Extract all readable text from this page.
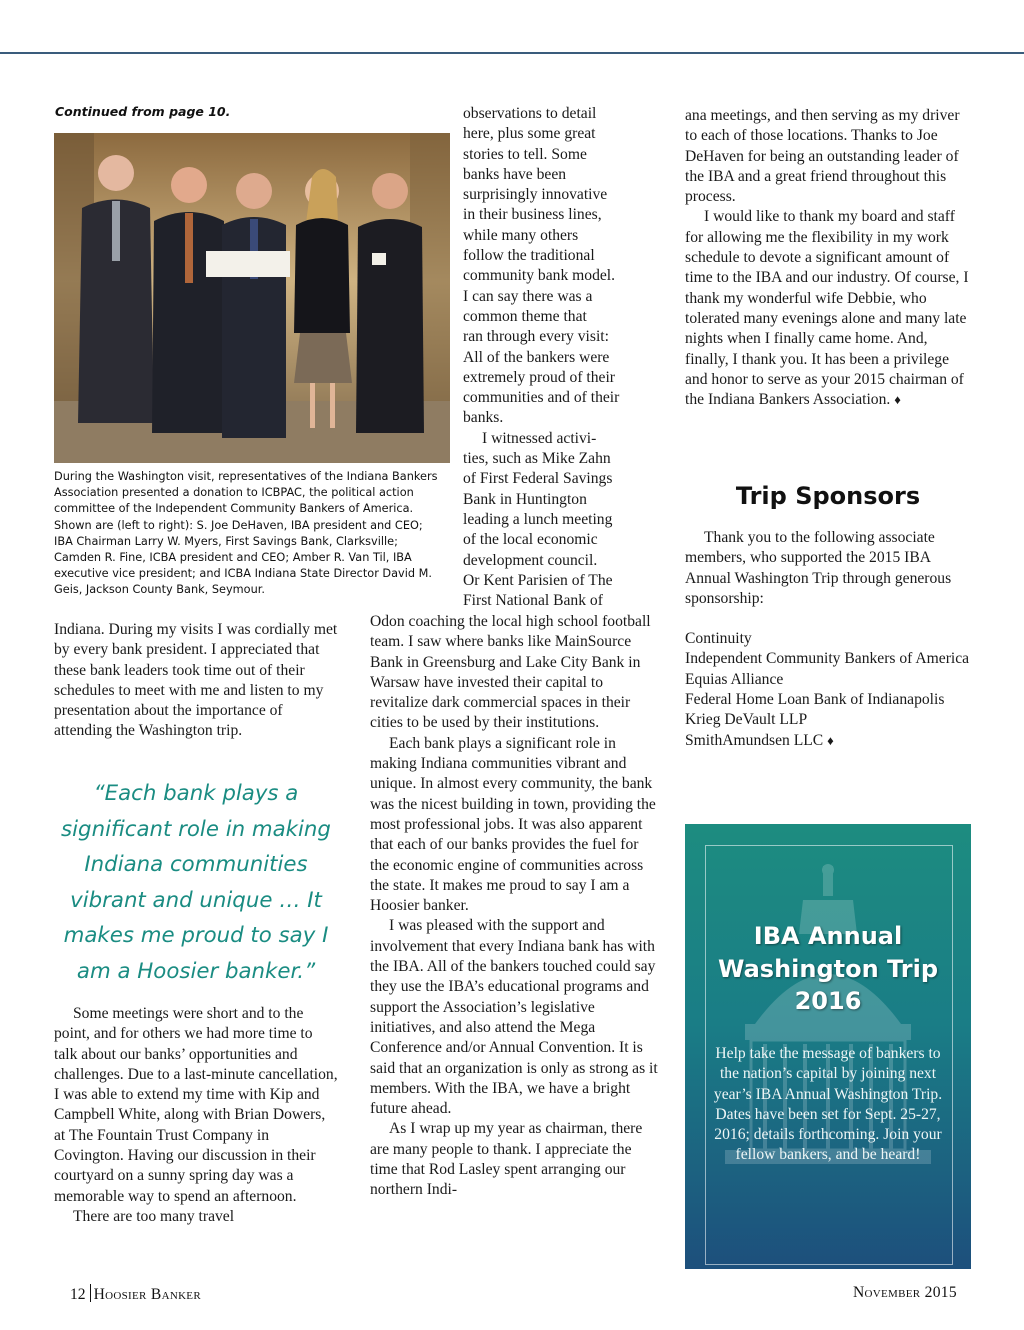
Continued from page 10.

During the Washington visit, representatives of the Indiana Bankers Association presented a donation to ICBPAC, the political action committee of the Independent Community Bankers of America. Shown are (left to right): S. Joe DeHaven, IBA president and CEO; IBA Chairman Larry W. Myers, First Savings Bank, Clarksville; Camden R. Fine, ICBA president and CEO; Amber R. Van Til, IBA executive vice president; and ICBA Indiana State Director David M. Geis, Jackson County Bank, Seymour.

Indiana. During my visits I was cordially met by every bank president. I appreciated that these bank leaders took time out of their schedules to meet with me and listen to my presentation about the importance of attending the Washington trip.

“Each bank plays a significant role in making Indiana communities vibrant and unique … It makes me proud to say I am a Hoosier banker.”

Some meetings were short and to the point, and for others we had more time to talk about our banks’ opportunities and challenges. Due to a last-minute cancellation, I was able to extend my time with Kip and Campbell White, along with Brian Dowers, at The Fountain Trust Company in Covington. Having our discussion in their courtyard on a sunny spring day was a memorable way to spend an afternoon.

There are too many travel

observations to detail
here, plus some great
stories to tell. Some
banks have been
surprisingly innovative
in their business lines,
while many others
follow the traditional
community bank model.
I can say there was a
common theme that
ran through every visit:
All of the bankers were
extremely proud of their
communities and of their
banks.
I witnessed activi-
ties, such as Mike Zahn
of First Federal Savings
Bank in Huntington
leading a lunch meeting
of the local economic
development council.
Or Kent Parisien of The
First National Bank of

Odon coaching the local high school football team. I saw where banks like MainSource Bank in Greensburg and Lake City Bank in Warsaw have invested their capital to revitalize dark commercial spaces in their cities to be used by their institutions.

Each bank plays a significant role in making Indiana communities vibrant and unique. In almost every community, the bank was the nicest building in town, providing the most professional jobs. It was also apparent that each of our banks provides the fuel for the economic engine of communities across the state. It makes me proud to say I am a Hoosier banker.

I was pleased with the support and involvement that every Indiana bank has with the IBA. All of the bankers touched could say they use the IBA’s educational programs and support the Association’s legislative initiatives, and also attend the Mega Conference and/or Annual Convention. It is said that an organization is only as strong as it members. With the IBA, we have a bright future ahead.

As I wrap up my year as chairman, there are many people to thank. I appreciate the time that Rod Lasley spent arranging our northern Indi-

ana meetings, and then serving as my driver to each of those locations. Thanks to Joe DeHaven for being an outstanding leader of the IBA and a great friend throughout this process.

I would like to thank my board and staff for allowing me the flexibility in my work schedule to devote a significant amount of time to the IBA and our industry. Of course, I thank my wonderful wife Debbie, who tolerated many evenings alone and many late nights when I finally came home. And, finally, I thank you. It has been a privilege and honor to serve as your 2015 chairman of the Indiana Bankers Association. ♦

Trip Sponsors

Thank you to the following associate members, who supported the 2015 IBA Annual Washington Trip through generous sponsorship:

Continuity
Independent Community Bankers of America
Equias Alliance
Federal Home Loan Bank of Indianapolis
Krieg DeVault LLP
SmithAmundsen LLC ♦
IBA Annual
Washington Trip
2016

Help take the message of bankers to the nation’s capital by joining next year’s IBA Annual Washington Trip. Dates have been set for Sept. 25-27, 2016; details forthcoming. Join your fellow bankers, and be heard!

12 Hoosier Banker	November 2015
